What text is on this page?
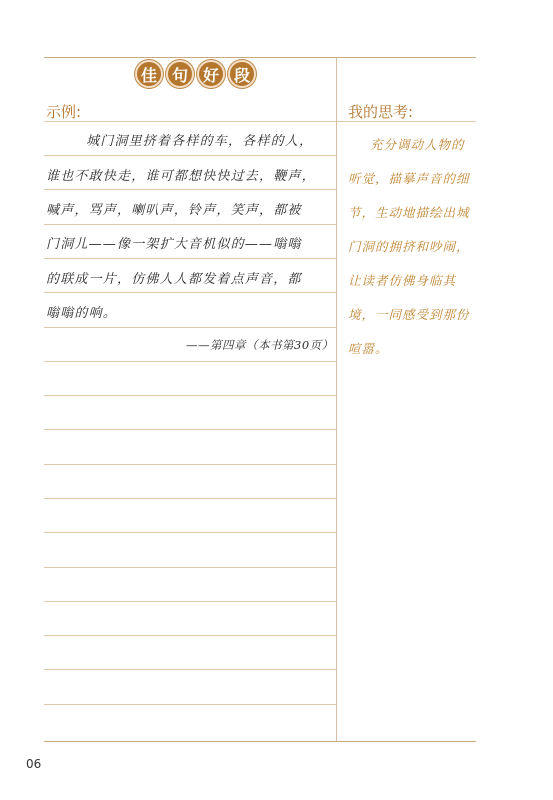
佳 句 好 段
示例:	我的思考:
城门洞里挤着各样的车，各样的人，
谁也不敢快走，谁可都想快快过去，鞭声，
喊声，骂声，喇叭声，铃声，笑声，都被
门洞儿——像一架扩大音机似的——嗡嗡
的联成一片，仿佛人人都发着点声音，都
嗡嗡的响。
——第四章（本书第30页）
充分调动人物的
听觉，描摹声音的细
节，生动地描绘出城
门洞的拥挤和吵闹，
让读者仿佛身临其
境，一同感受到那份
喧嚣。
06
